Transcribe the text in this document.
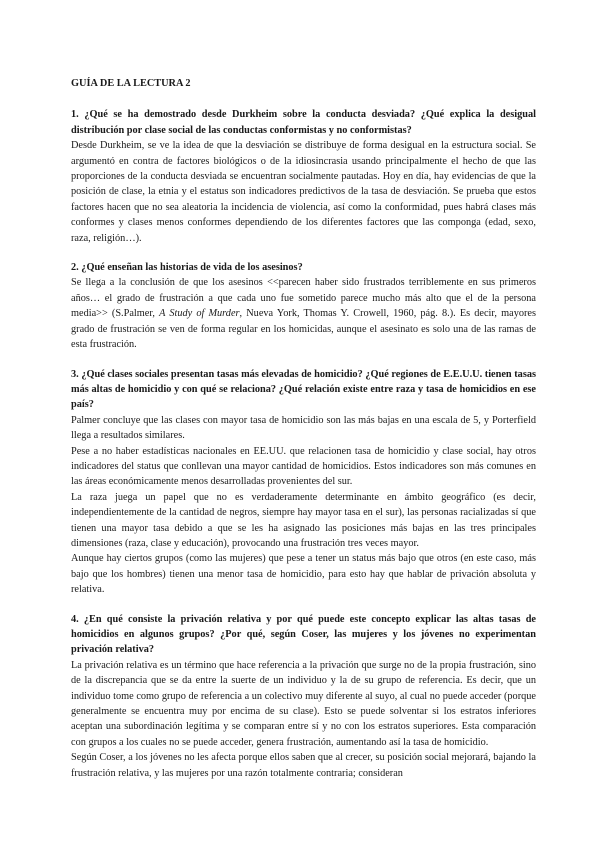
GUÍA DE LA LECTURA 2

1. ¿Qué se ha demostrado desde Durkheim sobre la conducta desviada? ¿Qué explica la desigual distribución por clase social de las conductas conformistas y no conformistas?

Desde Durkheim, se ve la idea de que la desviación se distribuye de forma desigual en la estructura social. Se argumentó en contra de factores biológicos o de la idiosincrasia usando principalmente el hecho de que las proporciones de la conducta desviada se encuentran socialmente pautadas. Hoy en día, hay evidencias de que la posición de clase, la etnia y el estatus son indicadores predictivos de la tasa de desviación. Se prueba que estos factores hacen que no sea aleatoria la incidencia de violencia, así como la conformidad, pues habrá clases más conformes y clases menos conformes dependiendo de los diferentes factores que las componga (edad, sexo, raza, religión…).

2. ¿Qué enseñan las historias de vida de los asesinos?

Se llega a la conclusión de que los asesinos <<parecen haber sido frustrados terriblemente en sus primeros años… el grado de frustración a que cada uno fue sometido parece mucho más alto que el de la persona media>> (S.Palmer, A Study of Murder, Nueva York, Thomas Y. Crowell, 1960, pág. 8.). Es decir, mayores grado de frustración se ven de forma regular en los homicidas, aunque el asesinato es solo una de las ramas de esta frustración.

3. ¿Qué clases sociales presentan tasas más elevadas de homicidio? ¿Qué regiones de E.E.U.U. tienen tasas más altas de homicidio y con qué se relaciona? ¿Qué relación existe entre raza y tasa de homicidios en ese país?

Palmer concluye que las clases con mayor tasa de homicidio son las más bajas en una escala de 5, y Porterfield llega a resultados similares.

Pese a no haber estadísticas nacionales en EE.UU. que relacionen tasa de homicidio y clase social, hay otros indicadores del status que conllevan una mayor cantidad de homicidios. Estos indicadores son más comunes en las áreas económicamente menos desarrolladas provenientes del sur.

La raza juega un papel que no es verdaderamente determinante en ámbito geográfico (es decir, independientemente de la cantidad de negros, siempre hay mayor tasa en el sur), las personas racializadas sí que tienen una mayor tasa debido a que se les ha asignado las posiciones más bajas en las tres principales dimensiones (raza, clase y educación), provocando una frustración tres veces mayor.

Aunque hay ciertos grupos (como las mujeres) que pese a tener un status más bajo que otros (en este caso, más bajo que los hombres) tienen una menor tasa de homicidio, para esto hay que hablar de privación absoluta y relativa.

4. ¿En qué consiste la privación relativa y por qué puede este concepto explicar las altas tasas de homicidios en algunos grupos? ¿Por qué, según Coser, las mujeres y los jóvenes no experimentan privación relativa?

La privación relativa es un término que hace referencia a la privación que surge no de la propia frustración, sino de la discrepancia que se da entre la suerte de un individuo y la de su grupo de referencia. Es decir, que un individuo tome como grupo de referencia a un colectivo muy diferente al suyo, al cual no puede acceder (porque generalmente se encuentra muy por encima de su clase). Esto se puede solventar si los estratos inferiores aceptan una subordinación legítima y se comparan entre sí y no con los estratos superiores. Esta comparación con grupos a los cuales no se puede acceder, genera frustración, aumentando así la tasa de homicidio.

Según Coser, a los jóvenes no les afecta porque ellos saben que al crecer, su posición social mejorará, bajando la frustración relativa, y las mujeres por una razón totalmente contraria; consideran
